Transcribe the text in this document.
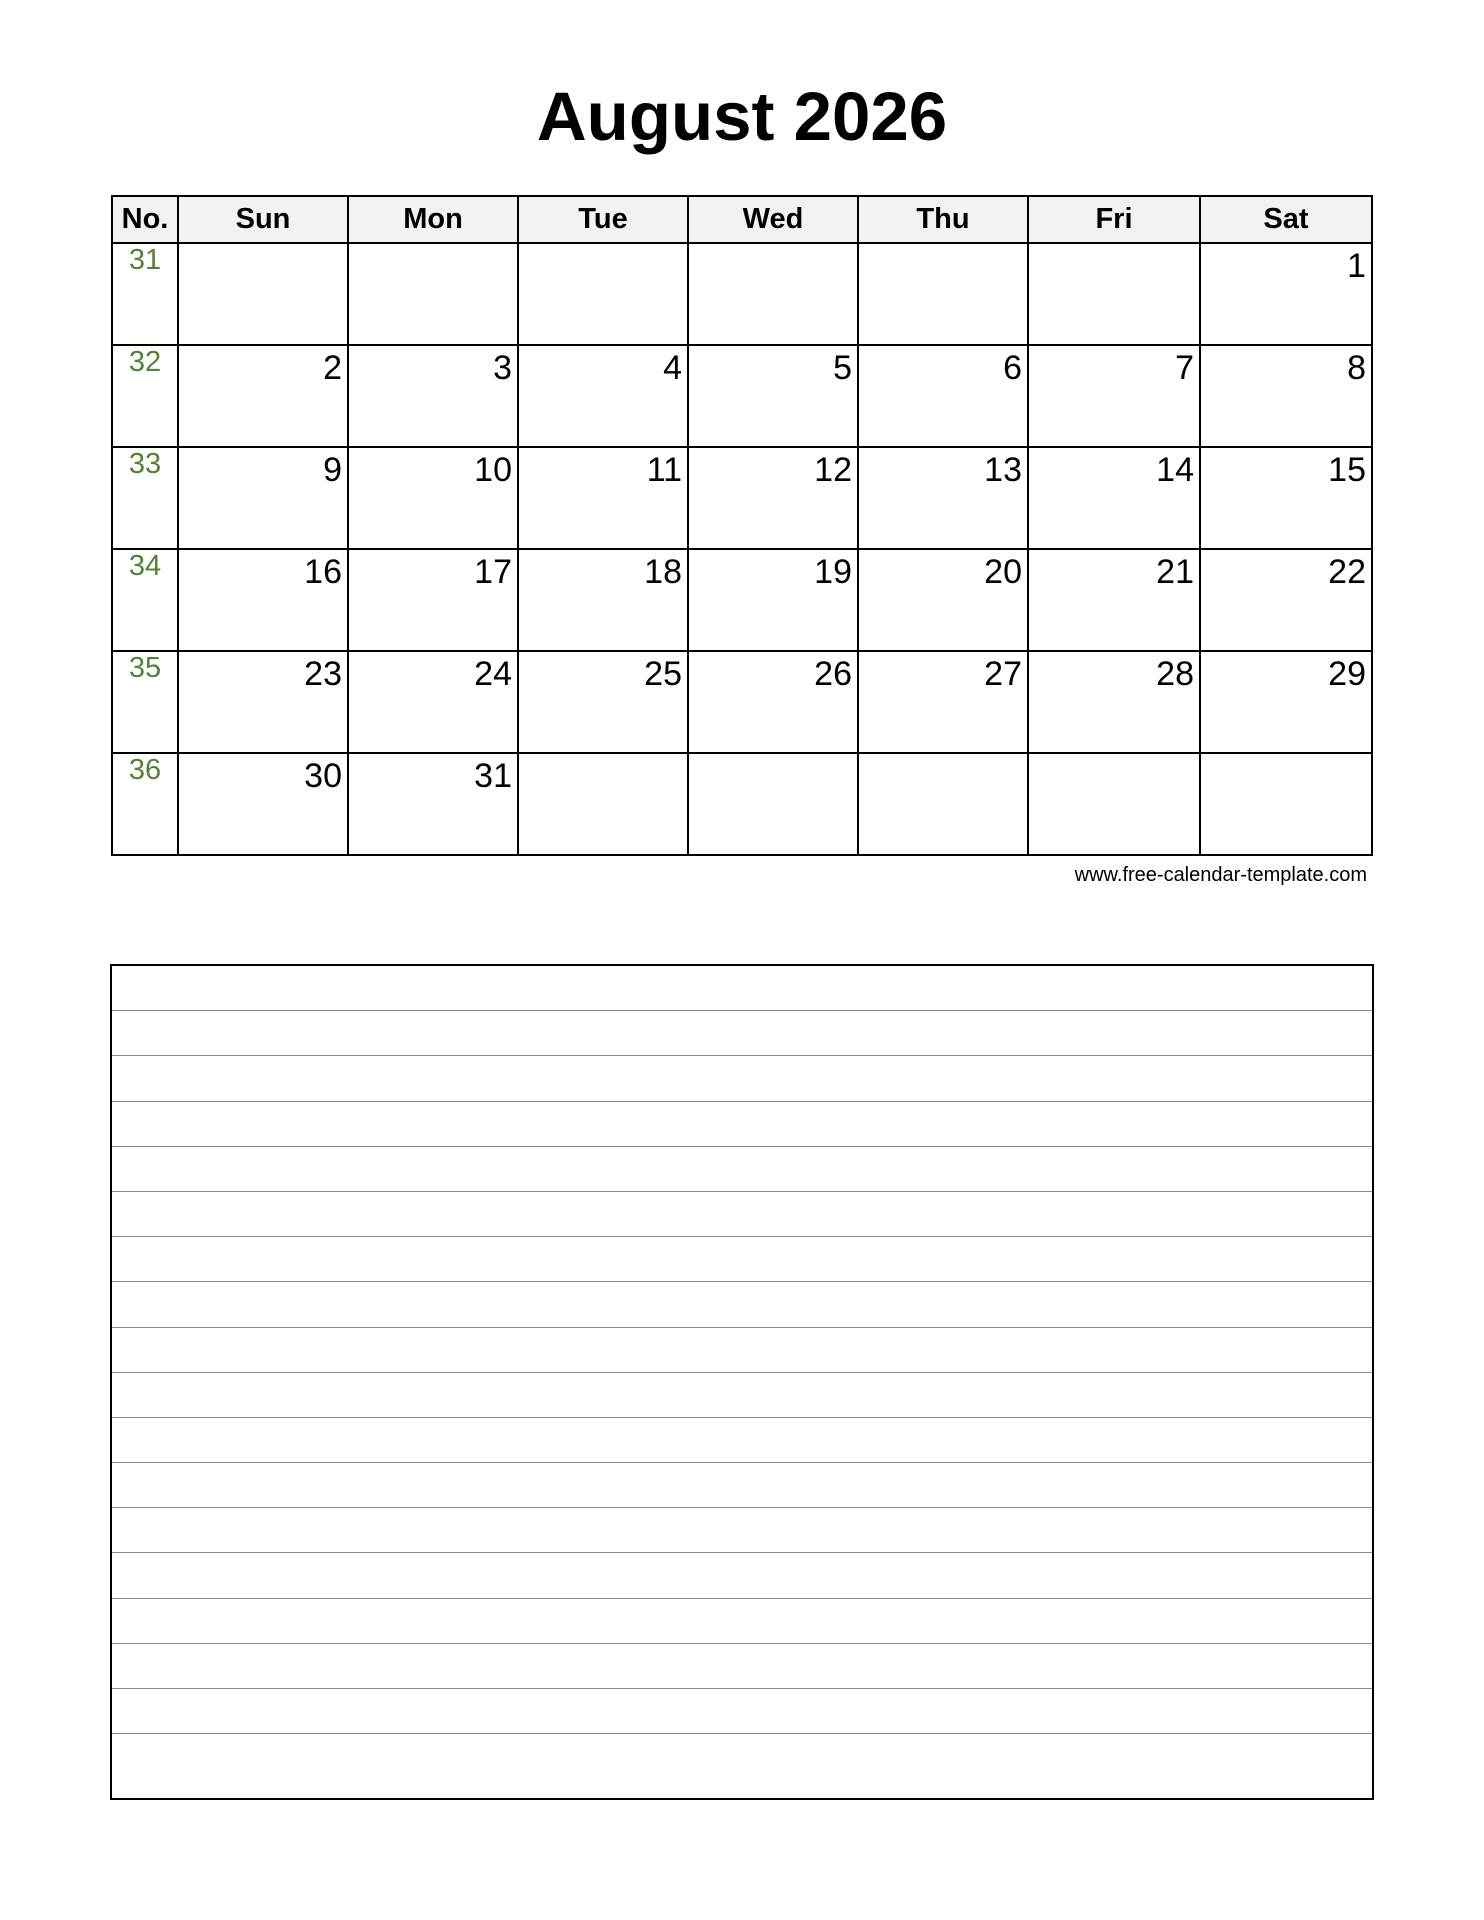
August 2026
No.	Sun	Mon	Tue	Wed	Thu	Fri	Sat
31							1

32	2	3	4	5	6	7	8

33	9	10	11	12	13	14	15

34	16	17	18	19	20	21	22

35	23	24	25	26	27	28	29

36	30	31					

www.free-calendar-template.com
